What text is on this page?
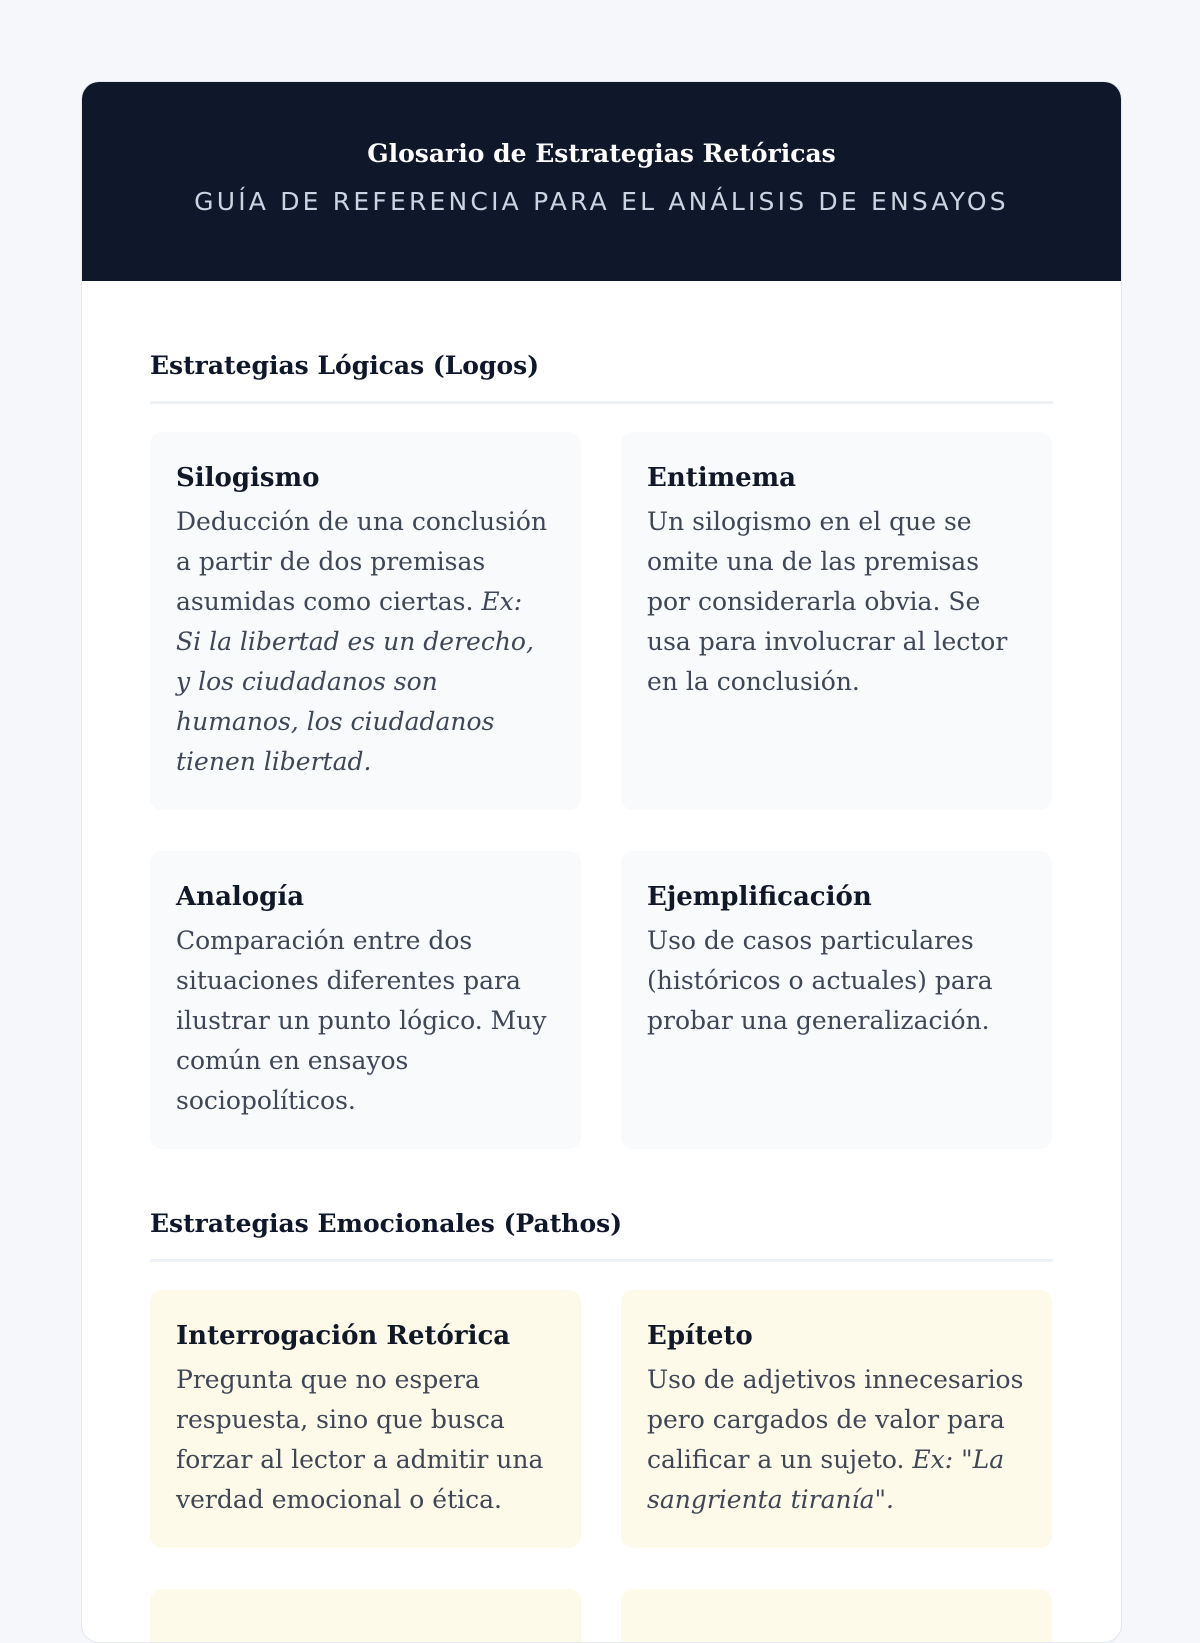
Glosario de Estrategias Retóricas

GUÍA DE REFERENCIA PARA EL ANÁLISIS DE ENSAYOS

Estrategias Lógicas (Logos)
Silogismo

Deducción de una conclusión a partir de dos premisas asumidas como ciertas. Ex: Si la libertad es un derecho, y los ciudadanos son humanos, los ciudadanos tienen libertad.

Entimema

Un silogismo en el que se omite una de las premisas por considerarla obvia. Se usa para involucrar al lector en la conclusión.

Analogía

Comparación entre dos situaciones diferentes para ilustrar un punto lógico. Muy común en ensayos sociopolíticos.

Ejemplificación

Uso de casos particulares (históricos o actuales) para probar una generalización.

Estrategias Emocionales (Pathos)
Interrogación Retórica

Pregunta que no espera respuesta, sino que busca forzar al lector a admitir una verdad emocional o ética.

Epíteto

Uso de adjetivos innecesarios pero cargados de valor para calificar a un sujeto. Ex: "La sangrienta tiranía".
